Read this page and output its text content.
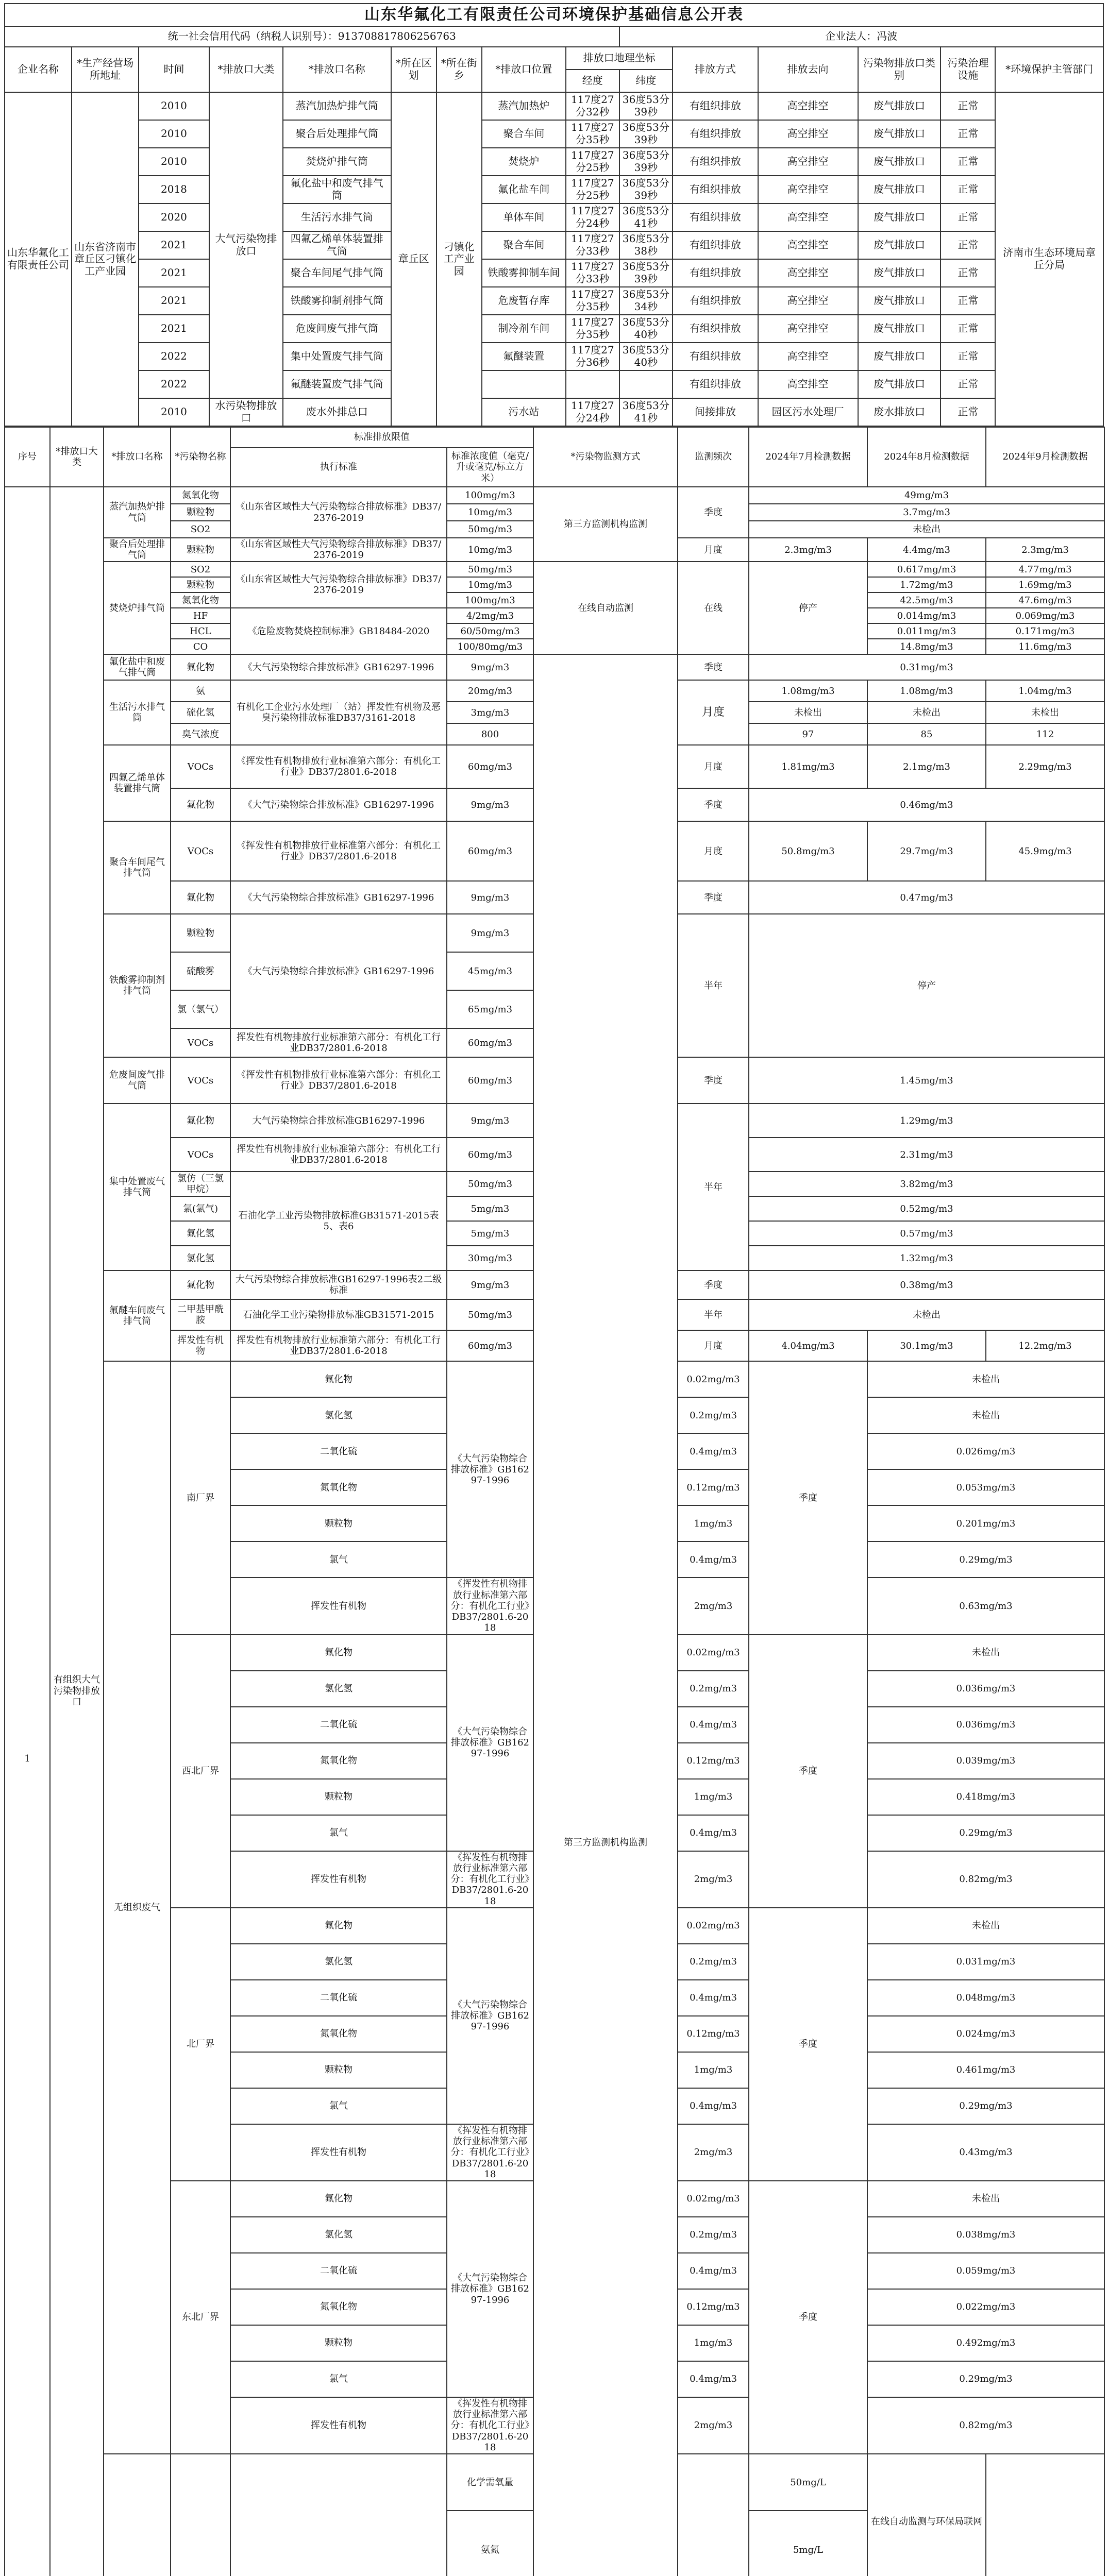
山东华氟化工有限责任公司环境保护基础信息公开表														
统一社会信用代码（纳税人识别号）：913708817806256763									企业法人：冯波					
企业名称	*生产经营场所地址	时间	*排放口大类	*排放口名称	*所在区划	*所在街乡	*排放口位置	排放口地理坐标		排放方式	排放去向	污染物排放口类别	污染治理设施	*环境保护主管部门
								经度	纬度					
山东华氟化工有限责任公司	山东省济南市章丘区刁镇化工产业园	2010	大气污染物排放口	蒸汽加热炉排气筒	章丘区	刁镇化工产业园	蒸汽加热炉	117度27分32秒	36度53分39秒	有组织排放	高空排空	废气排放口	正常	济南市生态环境局章丘分局
		2010		聚合后处理排气筒			聚合车间	117度27分35秒	36度53分39秒	有组织排放	高空排空	废气排放口	正常	
		2010		焚烧炉排气筒			焚烧炉	117度27分25秒	36度53分39秒	有组织排放	高空排空	废气排放口	正常	
		2018		氟化盐中和废气排气筒			氟化盐车间	117度27分25秒	36度53分39秒	有组织排放	高空排空	废气排放口	正常	
		2020		生活污水排气筒			单体车间	117度27分24秒	36度53分41秒	有组织排放	高空排空	废气排放口	正常	
		2021		四氟乙烯单体装置排气筒			聚合车间	117度27分33秒	36度53分38秒	有组织排放	高空排空	废气排放口	正常	
		2021		聚合车间尾气排气筒			铁酸雾抑制车间	117度27分33秒	36度53分39秒	有组织排放	高空排空	废气排放口	正常	
		2021		铁酸雾抑制剂排气筒			危废暂存库	117度27分35秒	36度53分34秒	有组织排放	高空排空	废气排放口	正常	
		2021		危废间废气排气筒			制冷剂车间	117度27分35秒	36度53分40秒	有组织排放	高空排空	废气排放口	正常	
		2022		集中处置废气排气筒			氟醚装置	117度27分36秒	36度53分40秒	有组织排放	高空排空	废气排放口	正常	
		2022		氟醚装置废气排气筒						有组织排放	高空排空	废气排放口	正常	
		2010	水污染物排放口	废水外排总口			污水站	117度27分24秒	36度53分41秒	间接排放	园区污水处理厂	废水排放口	正常	
序号	*排放口大类	*排放口名称	*污染物名称	标准排放限值		*污染物监测方式	监测频次	2024年7月检测数据	2024年8月检测数据	2024年9月检测数据	
				执行标准	标准浓度值（毫克/升或毫克/标立方米）						
1	有组织大气污染物排放口	蒸汽加热炉排气筒	氮氧化物	《山东省区域性大气污染物综合排放标准》DB37/2376-2019	100mg/m3	第三方监测机构监测	季度	49mg/m3			
			颗粒物		10mg/m3			3.7mg/m3			
			SO2		50mg/m3			未检出			
		聚合后处理排气筒	颗粒物	《山东省区域性大气污染物综合排放标准》DB37/2376-2019	10mg/m3		月度	2.3mg/m3	4.4mg/m3	2.3mg/m3	
		焚烧炉排气筒	SO2	《山东省区域性大气污染物综合排放标准》DB37/2376-2019	50mg/m3	在线自动监测	在线	停产	0.617mg/m3	4.77mg/m3	
			颗粒物		10mg/m3				1.72mg/m3	1.69mg/m3	
			氮氧化物		100mg/m3				42.5mg/m3	47.6mg/m3	
			HF	《危险废物焚烧控制标准》GB18484-2020	4/2mg/m3				0.014mg/m3	0.069mg/m3	
			HCL		60/50mg/m3				0.011mg/m3	0.171mg/m3	
			CO		100/80mg/m3				14.8mg/m3	11.6mg/m3	
		氟化盐中和废气排气筒	氟化物	《大气污染物综合排放标准》GB16297-1996	9mg/m3	第三方监测机构监测	季度	0.31mg/m3			
		生活污水排气筒	氨	有机化工企业污水处理厂（站）挥发性有机物及恶臭污染物排放标准DB37/3161-2018	20mg/m3		月度	1.08mg/m3	1.08mg/m3	1.04mg/m3	
			硫化氢		3mg/m3			未检出	未检出	未检出	
			臭气浓度		800			97	85	112	
		四氟乙烯单体装置排气筒	VOCs	《挥发性有机物排放行业标准第六部分：有机化工行业》DB37/2801.6-2018	60mg/m3		月度	1.81mg/m3	2.1mg/m3	2.29mg/m3	
			氟化物	《大气污染物综合排放标准》GB16297-1996	9mg/m3		季度	0.46mg/m3			
		聚合车间尾气排气筒	VOCs	《挥发性有机物排放行业标准第六部分：有机化工行业》DB37/2801.6-2018	60mg/m3		月度	50.8mg/m3	29.7mg/m3	45.9mg/m3	
			氟化物	《大气污染物综合排放标准》GB16297-1996	9mg/m3		季度	0.47mg/m3			
		铁酸雾抑制剂排气筒	颗粒物	《大气污染物综合排放标准》GB16297-1996	9mg/m3		半年	停产			
			硫酸雾		45mg/m3						
			氯（氯气）		65mg/m3						
			VOCs	挥发性有机物排放行业标准第六部分：有机化工行业DB37/2801.6-2018	60mg/m3						
		危废间废气排气筒	VOCs	《挥发性有机物排放行业标准第六部分：有机化工行业》DB37/2801.6-2018	60mg/m3		季度	1.45mg/m3			
		集中处置废气排气筒	氟化物	大气污染物综合排放标准GB16297-1996	9mg/m3		半年	1.29mg/m3			
			VOCs	挥发性有机物排放行业标准第六部分：有机化工行业DB37/2801.6-2018	60mg/m3			2.31mg/m3			
			氯仿（三氯甲烷）	石油化学工业污染物排放标准GB31571-2015表5、表6	50mg/m3			3.82mg/m3			
			氯(氯气)		5mg/m3			0.52mg/m3			
			氟化氢		5mg/m3			0.57mg/m3			
			氯化氢		30mg/m3			1.32mg/m3			
		氟醚车间废气排气筒	氟化物	大气污染物综合排放标准GB16297-1996表2二级标准	9mg/m3		季度	0.38mg/m3			
			二甲基甲酰胺	石油化学工业污染物排放标准GB31571-2015	50mg/m3		半年	未检出			
			挥发性有机物	挥发性有机物排放行业标准第六部分：有机化工行业DB37/2801.6-2018	60mg/m3		月度	4.04mg/m3	30.1mg/m3	12.2mg/m3	
		无组织废气	南厂界	氟化物	《大气污染物综合排放标准》GB16297-1996		0.02mg/m3	季度	未检出		
				氯化氢			0.2mg/m3		未检出		
				二氧化硫			0.4mg/m3		0.026mg/m3		
				氮氧化物			0.12mg/m3		0.053mg/m3		
				颗粒物			1mg/m3		0.201mg/m3		
				氯气			0.4mg/m3		0.29mg/m3		
				挥发性有机物	《挥发性有机物排放行业标准第六部分：有机化工行业》DB37/2801.6-2018		2mg/m3		0.63mg/m3		
			西北厂界	氟化物	《大气污染物综合排放标准》GB16297-1996		0.02mg/m3	季度	未检出		
				氯化氢			0.2mg/m3		0.036mg/m3		
				二氧化硫			0.4mg/m3		0.036mg/m3		
				氮氧化物			0.12mg/m3		0.039mg/m3		
				颗粒物			1mg/m3		0.418mg/m3		
				氯气			0.4mg/m3		0.29mg/m3		
				挥发性有机物	《挥发性有机物排放行业标准第六部分：有机化工行业》DB37/2801.6-2018		2mg/m3		0.82mg/m3		
			北厂界	氟化物	《大气污染物综合排放标准》GB16297-1996		0.02mg/m3	季度	未检出		
				氯化氢			0.2mg/m3		0.031mg/m3		
				二氧化硫			0.4mg/m3		0.048mg/m3		
				氮氧化物			0.12mg/m3		0.024mg/m3		
				颗粒物			1mg/m3		0.461mg/m3		
				氯气			0.4mg/m3		0.29mg/m3		
				挥发性有机物	《挥发性有机物排放行业标准第六部分：有机化工行业》DB37/2801.6-2018		2mg/m3		0.43mg/m3		
			东北厂界	氟化物	《大气污染物综合排放标准》GB16297-1996		0.02mg/m3	季度	未检出		
				氯化氢			0.2mg/m3		0.038mg/m3		
				二氧化硫			0.4mg/m3		0.059mg/m3		
				氮氧化物			0.12mg/m3		0.022mg/m3		
				颗粒物			1mg/m3		0.492mg/m3		
				氯气			0.4mg/m3		0.29mg/m3		
				挥发性有机物	《挥发性有机物排放行业标准第六部分：有机化工行业》DB37/2801.6-2018		2mg/m3		0.82mg/m3		
			化学需氧量			50mg/L	在线自动监测与环保局联网				
					氨氮			5mg/L			
